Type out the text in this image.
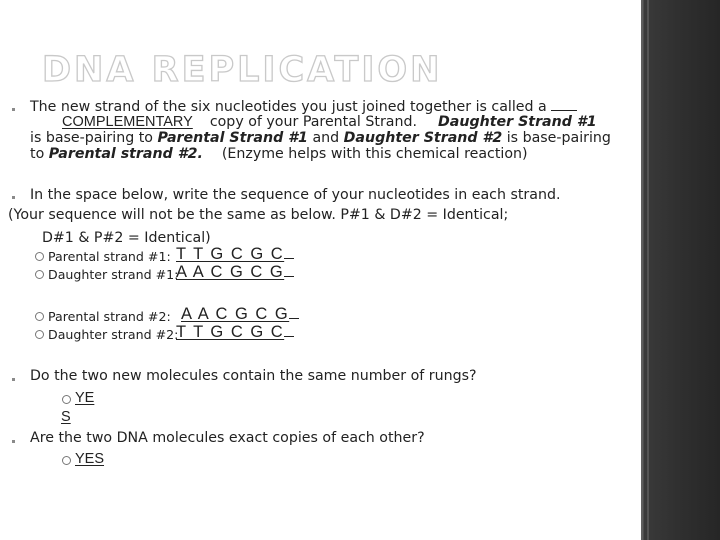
DNA REPLICATION
The new strand of the six nucleotides you just joined together is called a
COMPLEMENTARY copy of your Parental Strand. Daughter Strand #1
is base-pairing to Parental Strand #1 and Daughter Strand #2 is base-pairing
to Parental strand #2. (Enzyme helps with this chemical reaction)
In the space below, write the sequence of your nucleotides in each strand.
(Your sequence will not be the same as below. P#1 & D#2 = Identical;
D#1 & P#2 = Identical)
Parental strand #1: T T G C G C
Daughter strand #1:
A A C G C G
Parental strand #2: A A C G C G
Daughter strand #2:
T T G C G C
Do the two new molecules contain the same number of rungs?
YE
S
Are the two DNA molecules exact copies of each other?
YES
